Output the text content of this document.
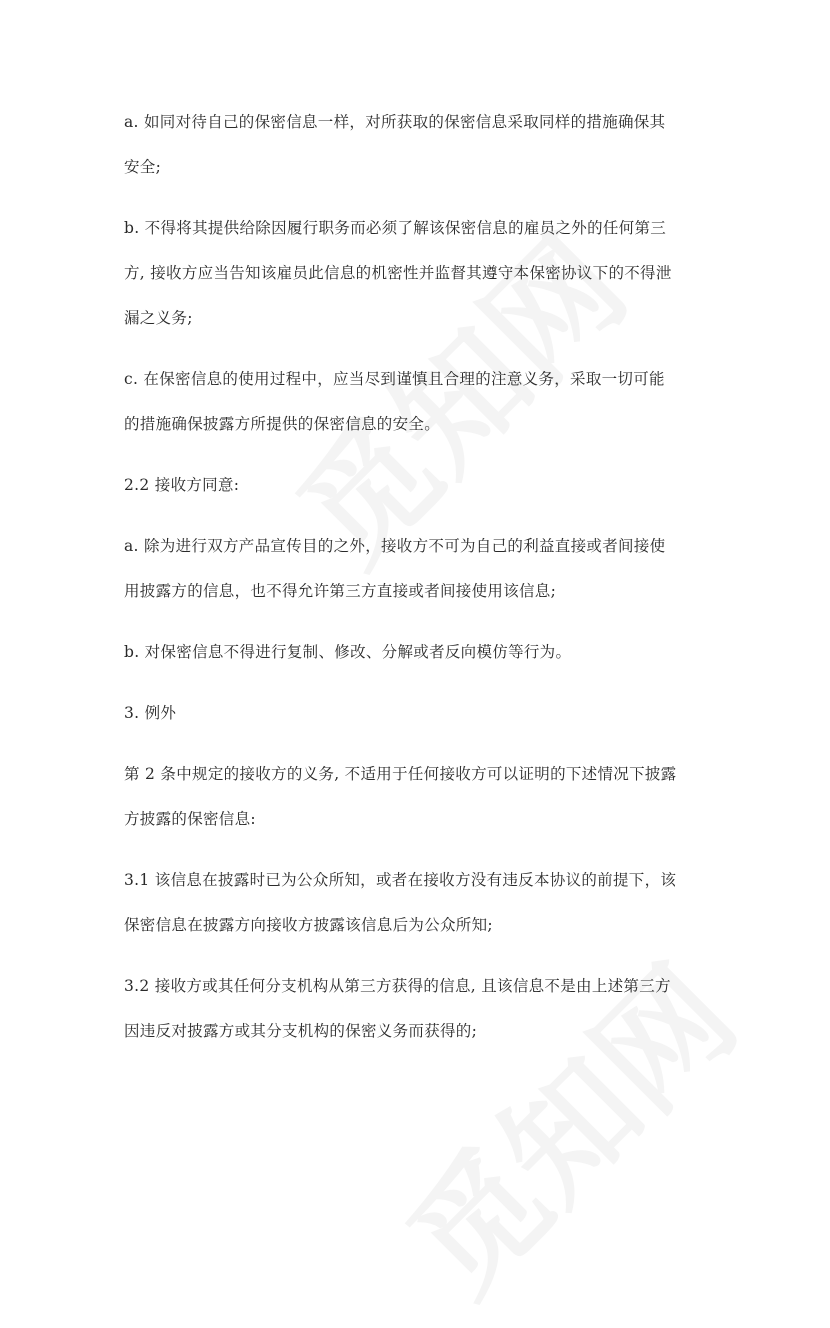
a. 如同对待自己的保密信息一样，对所获取的保密信息采取同样的措施确保其
安全;
b. 不得将其提供给除因履行职务而必须了解该保密信息的雇员之外的任何第三
方, 接收方应当告知该雇员此信息的机密性并监督其遵守本保密协议下的不得泄
漏之义务;
c. 在保密信息的使用过程中，应当尽到谨慎且合理的注意义务，采取一切可能
的措施确保披露方所提供的保密信息的安全。
2.2 接收方同意:
a. 除为进行双方产品宣传目的之外，接收方不可为自己的利益直接或者间接使
用披露方的信息，也不得允许第三方直接或者间接使用该信息;
b. 对保密信息不得进行复制、修改、分解或者反向模仿等行为。
3. 例外
第 2 条中规定的接收方的义务, 不适用于任何接收方可以证明的下述情况下披露
方披露的保密信息:
3.1 该信息在披露时已为公众所知，或者在接收方没有违反本协议的前提下，该
保密信息在披露方向接收方披露该信息后为公众所知;
3.2 接收方或其任何分支机构从第三方获得的信息, 且该信息不是由上述第三方
因违反对披露方或其分支机构的保密义务而获得的;
